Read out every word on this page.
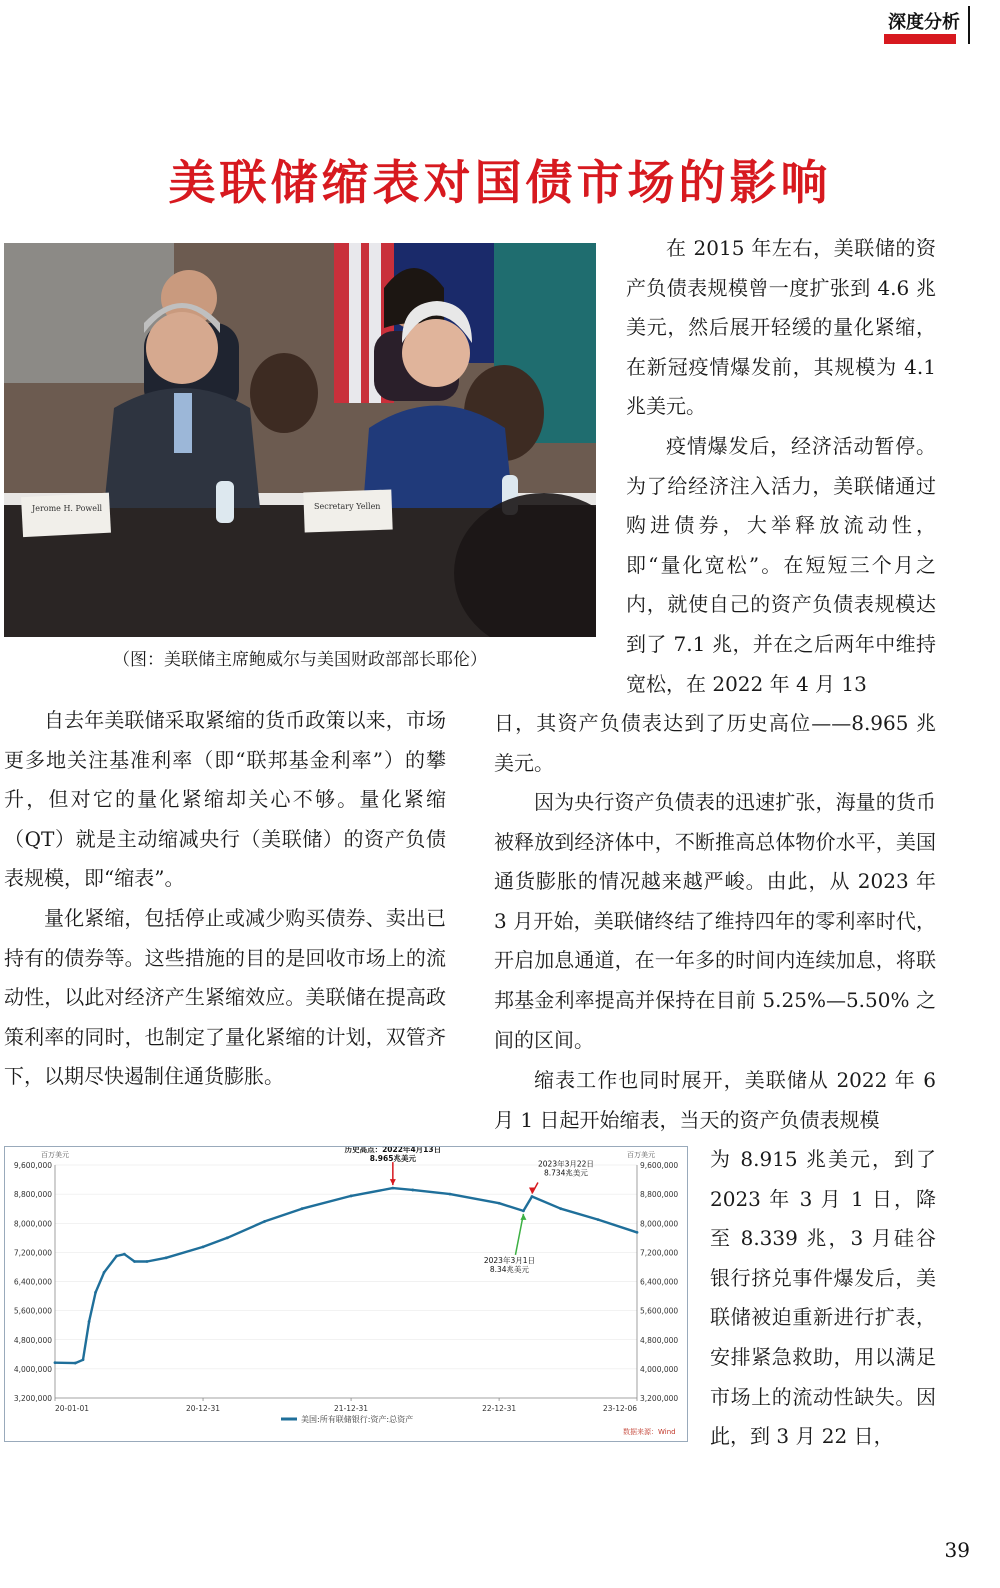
深度分析
美联储缩表对国债市场的影响
Jerome H. Powell	Secretary Yellen
（图：美联储主席鲍威尔与美国财政部部长耶伦）

在 2015 年左右，美联储的资产负债表规模曾一度扩张到 4.6 兆美元，然后展开轻缓的量化紧缩，在新冠疫情爆发前，其规模为 4.1 兆美元。

疫情爆发后，经济活动暂停。为了给经济注入活力，美联储通过购进债券，大举释放流动性，即“量化宽松”。在短短三个月之内，就使自己的资产负债表规模达到了 7.1 兆，并在之后两年中维持宽松，在 2022 年 4 月 13

日，其资产负债表达到了历史高位——8.965 兆美元。

因为央行资产负债表的迅速扩张，海量的货币被释放到经济体中，不断推高总体物价水平，美国通货膨胀的情况越来越严峻。由此，从 2023 年 3 月开始，美联储终结了维持四年的零利率时代，开启加息通道，在一年多的时间内连续加息，将联邦基金利率提高并保持在目前 5.25%—5.50% 之间的区间。

缩表工作也同时展开，美联储从 2022 年 6 月 1 日起开始缩表，当天的资产负债表规模

为 8.915 兆美元，到了 2023 年 3 月 1 日，降至 8.339 兆，3 月硅谷银行挤兑事件爆发后，美联储被迫重新进行扩表，安排紧急救助，用以满足市场上的流动性缺失。因此，到 3 月 22 日，

自去年美联储采取紧缩的货币政策以来，市场更多地关注基准利率（即“联邦基金利率”）的攀升，但对它的量化紧缩却关心不够。量化紧缩（QT）就是主动缩减央行（美联储）的资产负债表规模，即“缩表”。

量化紧缩，包括停止或减少购买债券、卖出已持有的债券等。这些措施的目的是回收市场上的流动性，以此对经济产生紧缩效应。美联储在提高政策利率的同时，也制定了量化紧缩的计划，双管齐下，以期尽快遏制住通货膨胀。

3,200,000	3,200,000
4,000,000	4,000,000
4,800,000	4,800,000
5,600,000	5,600,000
6,400,000	6,400,000
7,200,000	7,200,000
8,000,000	8,000,000
8,800,000	8,800,000
9,600,000	9,600,000
20-01-01	20-12-31	21-12-31	22-12-31	23-12-06
历史高点：2022年4月13日
8.965兆美元
2023年3月22日
8.734兆美元
2023年3月1日
8.34兆美元
百万美元	百万美元
美国:所有联储银行:资产:总资产
数据来源：Wind
39
